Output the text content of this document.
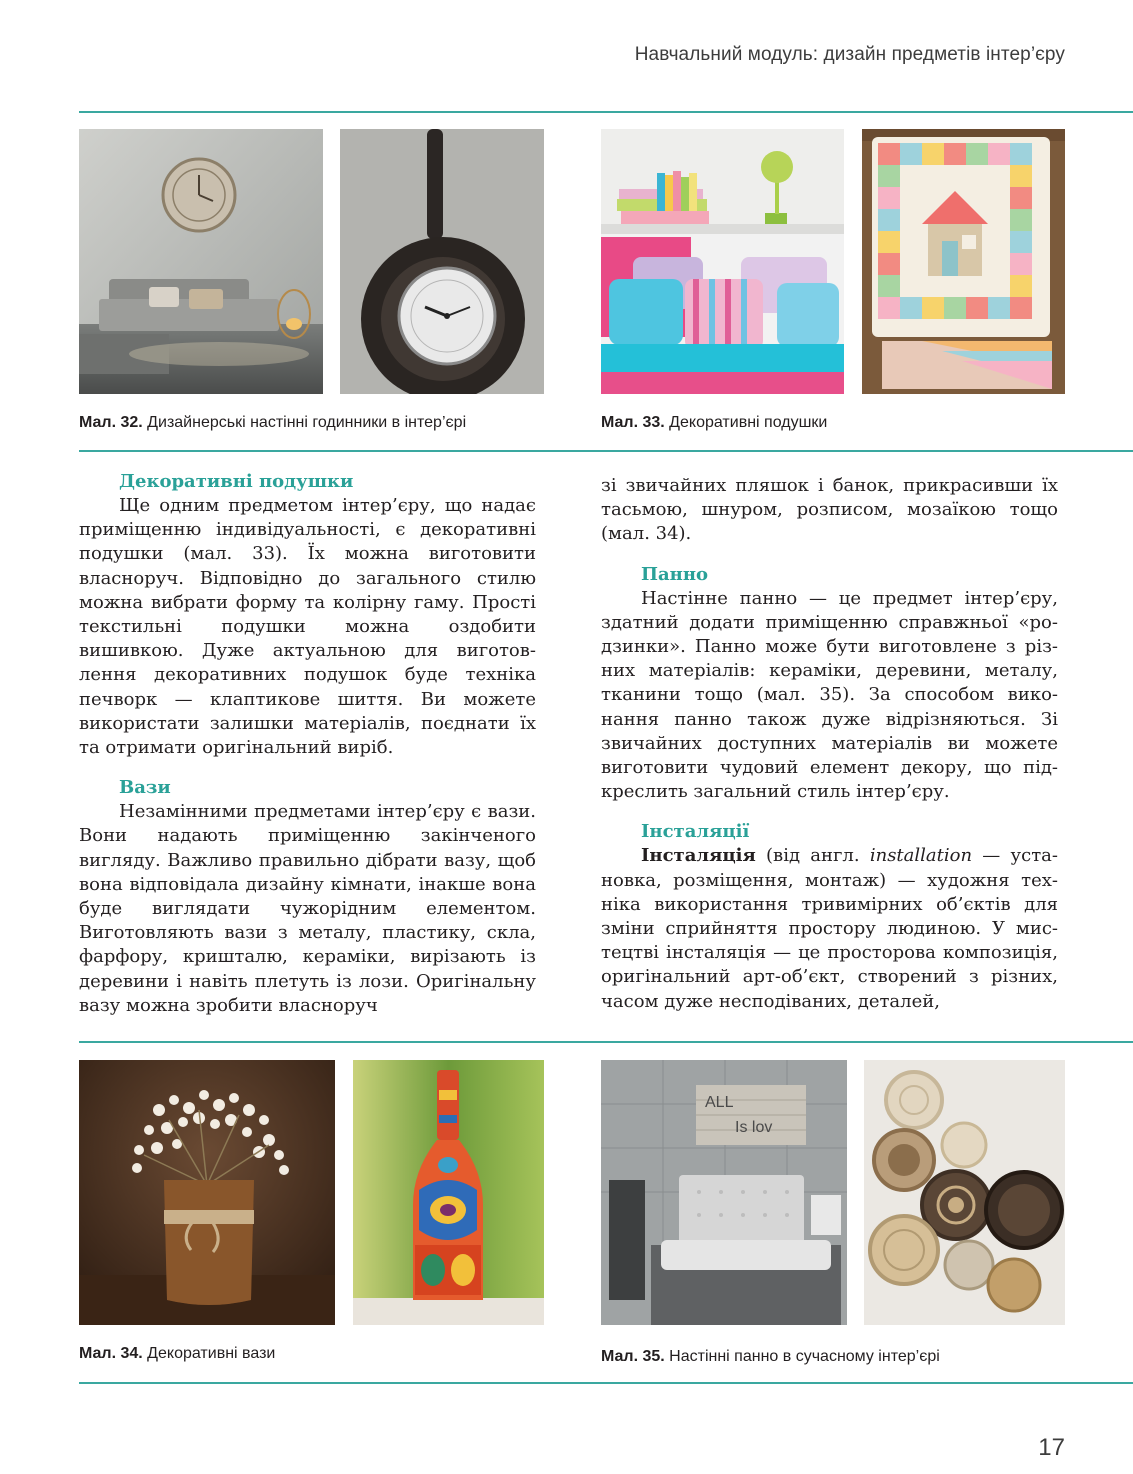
Навчальний модуль: дизайн предметів інтер’єру
Мал. 32. Дизайнерські настінні годинники в інтер’єрі	Мал. 33. Декоративні подушки
Декоративні подушки

Ще одним предметом інтер’єру, що надає приміщенню індивідуальності, є декоративні подушки (мал. 33). Їх можна виготовити власноруч. Відповідно до загального стилю можна вибрати форму та колірну гаму. Прості текстильні подушки можна оздобити вишивкою. Дуже актуальною для виготовлення декоративних подушок буде техніка печворк — клаптикове шиття. Ви можете використати залишки матеріалів, поєднати їх та отримати оригінальний виріб.

Вази

Незамінними предметами інтер’єру є вази. Вони надають приміщенню закінченого вигляду. Важливо правильно дібрати вазу, щоб вона відповідала дизайну кімнати, інакше вона буде виглядати чужорідним елементом. Виготовляють вази з металу, пластику, скла, фарфору, кришталю, кераміки, вирізають із деревини і навіть плетуть із лози. Оригінальну вазу можна зробити власноруч

зі звичайних пляшок і банок, прикрасивши їх тасьмою, шнуром, розписом, мозаїкою тощо (мал. 34).

Панно

Настінне панно — це предмет інтер’єру, здатний додати приміщенню справжньої «родзинки». Панно може бути виготовлене з різних матеріалів: кераміки, деревини, металу, тканини тощо (мал. 35). За способом виконання панно також дуже відрізняються. Зі звичайних доступних матеріалів ви можете виготовити чудовий елемент декору, що підкреслить загальний стиль інтер’єру.

Інсталяції

Інсталяція (від англ. installation — установка, розміщення, монтаж) — художня техніка використання тривимірних об’єктів для зміни сприйняття простору людиною. У мистецтві інсталяція — це просторова композиція, оригінальний арт-об’єкт, створений з різних, часом дуже несподіваних, деталей,

ALL
Is lov
Мал. 34. Декоративні вази	Мал. 35. Настінні панно в сучасному інтер’єрі
17
